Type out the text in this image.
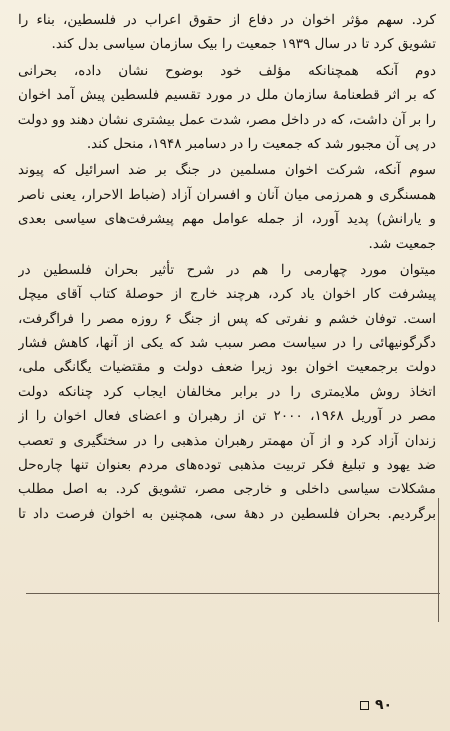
کرد. سهم مؤثر اخوان در دفاع از حقوق اعراب در فلسطین، بناء را
تشویق کرد تا در سال ۱۹۳۹ جمعیت را بیک سازمان سیاسی بدل کند.
دوم آنکه همچنانکه مؤلف خود بوضوح نشان داده، بحرانی
که بر اثر قطعنامهٔ سازمان ملل در مورد تقسیم فلسطین پیش آمد اخوان
را بر آن داشت، که در داخل مصر، شدت عمل بیشتری نشان دهند وو دولت
در پی آن مجبور شد که جمعیت را در دسامبر ۱۹۴۸، منحل کند.
سوم آنکه، شرکت اخوان مسلمین در جنگ بر ضد اسرائیل که پیوند
همسنگری و همرزمی میان آنان و افسران آزاد (ضباط الاحرار، یعنی ناصر
و یارانش) پدید آورد، از جمله عوامل مهم پیشرفت‌های سیاسی بعدی
جمعیت شد.
میتوان مورد چهارمی را هم در شرح تأثیر بحران فلسطین در
پیشرفت کار اخوان یاد کرد، هرچند خارج از حوصلهٔ کتاب آقای میچل
است. توفان خشم و نفرتی که پس از جنگ ۶ روزه مصر را فراگرفت،
دگرگونیهائی را در سیاست مصر سبب شد که یکی از آنها، کاهش فشار
دولت برجمعیت اخوان بود زیرا ضعف دولت و مقتضیات یگانگی ملی،
اتخاذ روش ملایمتری را در برابر مخالفان ایجاب کرد چنانکه دولت
مصر در آوریل ۱۹۶۸، ۲۰۰۰ تن از رهبران و اعضای فعال اخوان را از
زندان آزاد کرد و از آن مهمتر رهبران مذهبی را در سختگیری و تعصب
ضد یهود و تبلیغ فکر تربیت مذهبی توده‌های مردم بعنوان تنها چاره‌حل
مشکلات سیاسی داخلی و خارجی مصر، تشویق کرد. به اصل مطلب
برگردیم. بحران فلسطین در دههٔ سی، همچنین به اخوان فرصت داد تا
۹۰
